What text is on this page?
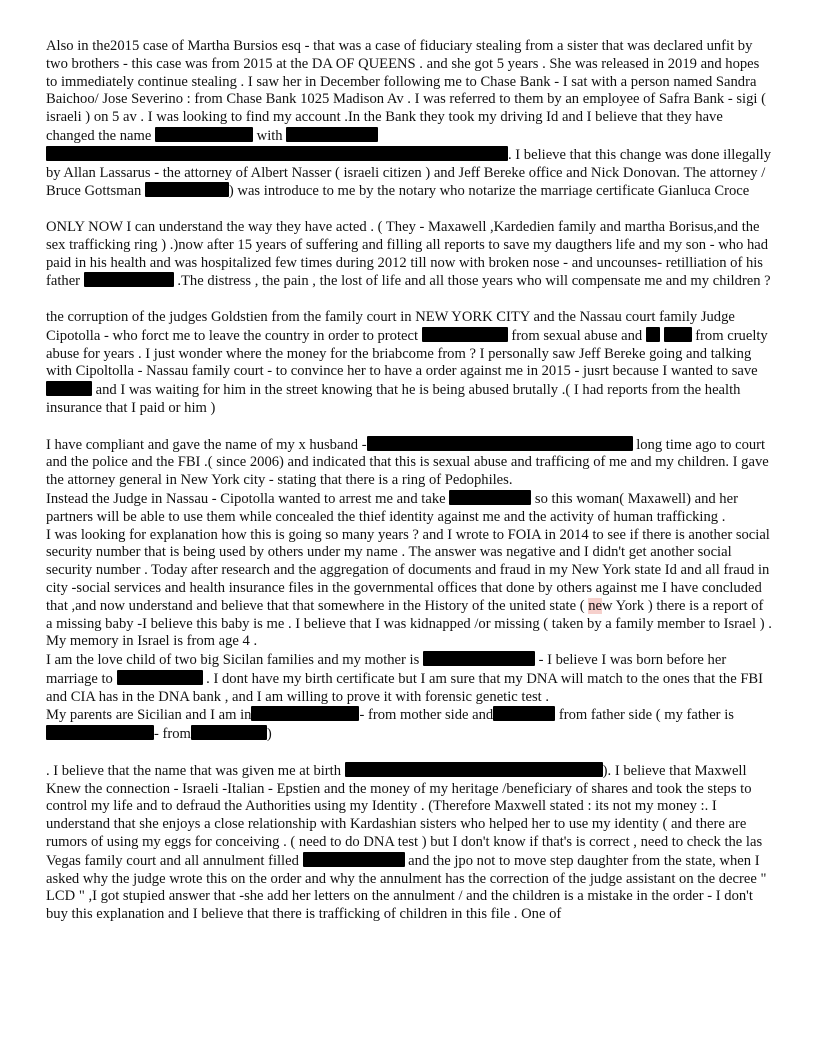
Also in the2015 case of Martha Bursios esq - that was a case of fiduciary stealing from a sister that was declared unfit by two brothers - this case was from 2015 at the DA OF QUEENS . and she got 5 years . She was released in 2019 and hopes to immediately continue stealing . I saw her in December following me to Chase Bank - I sat with a person named Sandra Baichoo/ Jose Severino : from Chase Bank 1025 Madison Av . I was referred to them by an employee of Safra Bank - sigi ( israeli ) on 5 av . I was looking to find my account .In the Bank they took my driving Id and I believe that they have changed the name	with  . I believe that this change was done illegally by Allan Lassarus - the attorney of Albert Nasser ( israeli citizen ) and Jeff Bereke office and Nick Donovan. The attorney / Bruce Gottsman	) was introduce to me by the notary who notarize the marriage certificate Gianluca Croce

ONLY NOW I can understand the way they have acted . ( They - Maxawell ,Kardedien family and martha Borisus,and the sex trafficking ring ) .)now after 15 years of suffering and filling all reports to save my daugthers life and my son - who had paid in his health and was hospitalized few times during 2012 till now with broken nose - and uncounses- retilliation of his father	.The distress , the pain , the lost of life and all those years who will compensate me and my children ?

the corruption of the judges Goldstien from the family court in NEW YORK CITY and the Nassau court family Judge Cipotolla - who forct me to leave the country in order to protect	from sexual abuse and	from cruelty abuse for years . I just wonder where the money for the briabcome from ? I personally saw Jeff Bereke going and talking with Cipoltolla - Nassau family court - to convince her to have a order against me in 2015 - jusrt because I wanted to save  and I was waiting for him in the street knowing that he is being abused brutally .( I had reports from the health insurance that I paid or him )

I have compliant and gave the name of my x husband -	long time ago to court and the police and the FBI .( since 2006) and indicated that this is sexual abuse and trafficing of me and my children. I gave the attorney general in New York city - stating that there is a ring of Pedophiles.

Instead the Judge in Nassau - Cipotolla wanted to arrest me and take	so this woman( Maxawell) and her partners will be able to use them while concealed the thief identity against me and the activity of human trafficking .

I was looking for explanation how this is going so many years ? and I wrote to FOIA in 2014 to see if there is another social security number that is being used by others under my name . The answer was negative and I didn't get another social security number . Today after research and the aggregation of documents and fraud in my New York state Id and all fraud in city -social services and health insurance files in the governmental offices that done by others against me I have concluded that ,and now understand and believe that that somewhere in the History of the united state ( new York ) there is a report of a missing baby -I believe this baby is me . I believe that I was kidnapped /or missing ( taken by a family member to Israel ) . My memory in Israel is from age 4 .

I am the love child of two big Sicilan families and my mother is	- I believe I was born before her marriage to	. I dont have my birth certificate but I am sure that my DNA will match to the ones that the FBI and CIA has in the DNA bank , and I am willing to prove it with forensic genetic test .

My parents are Sicilian and I am in	- from mother side and	from father side ( my father is- from	)

. I believe that the name that was given me at birth	). I believe that Maxwell Knew the connection - Israeli -Italian - Epstien and the money of my heritage /beneficiary of shares and took the steps to control my life and to defraud the Authorities using my Identity . (Therefore Maxwell stated : its not my money :. I understand that she enjoys a close relationship with Kardashian sisters who helped her to use my identity ( and there are rumors of using my eggs for conceiving . ( need to do DNA test ) but I don't know if that's is correct , need to check the las Vegas family court and all annulment filled	and the jpo not to move step daughter from the state, when I asked why the judge wrote this on the order and why the annulment has the correction of the judge assistant on the decree " LCD " ,I got stupied answer that -she add her letters on the annulment / and the children is a mistake in the order - I don't buy this explanation and I believe that there is trafficking of children in this file . One of
